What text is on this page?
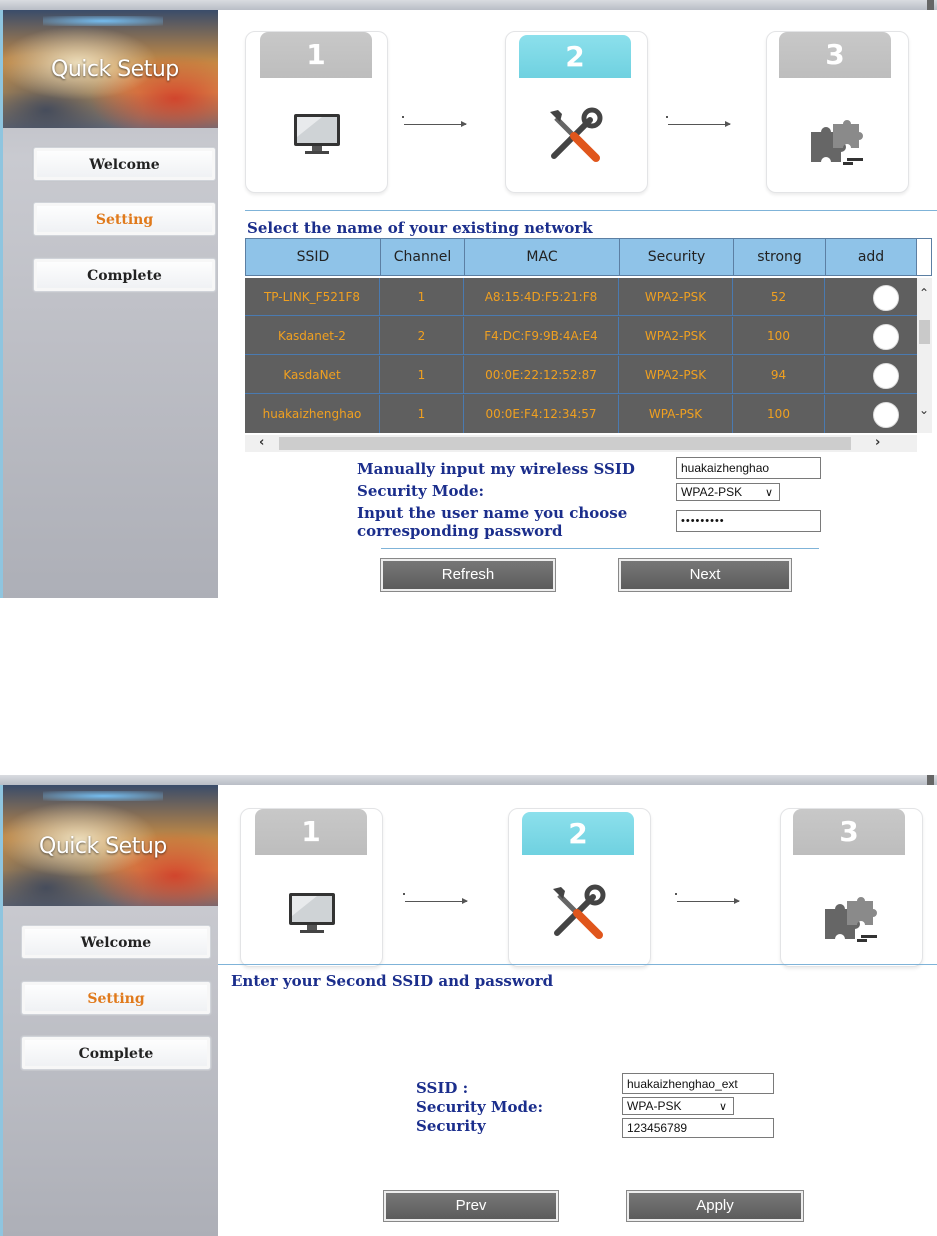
Quick Setup
Welcome
Setting
Complete
1	2	3
Select the name of your existing network
SSID	Channel	MAC	Security	strong	add
TP-LINK_F521F8	1	A8:15:4D:F5:21:F8	WPA2-PSK	52
Kasdanet-2	2	F4:DC:F9:9B:4A:E4	WPA2-PSK	100
KasdaNet	1	00:0E:22:12:52:87	WPA2-PSK	94
huakaizhenghao	1	00:0E:F4:12:34:57	WPA-PSK	100
⌃
⌄
‹	›
Manually input my wireless SSID	huakaizhenghao
Security Mode:	WPA2-PSK ∨
Input the user name you choose
corresponding password
•••••••••
Refresh	Next
Quick Setup
Welcome
Setting
Complete
1	2	3
Enter your Second SSID and password
SSID :	huakaizhenghao_ext
Security Mode:	WPA-PSK	∨
Security	123456789
Prev	Apply
